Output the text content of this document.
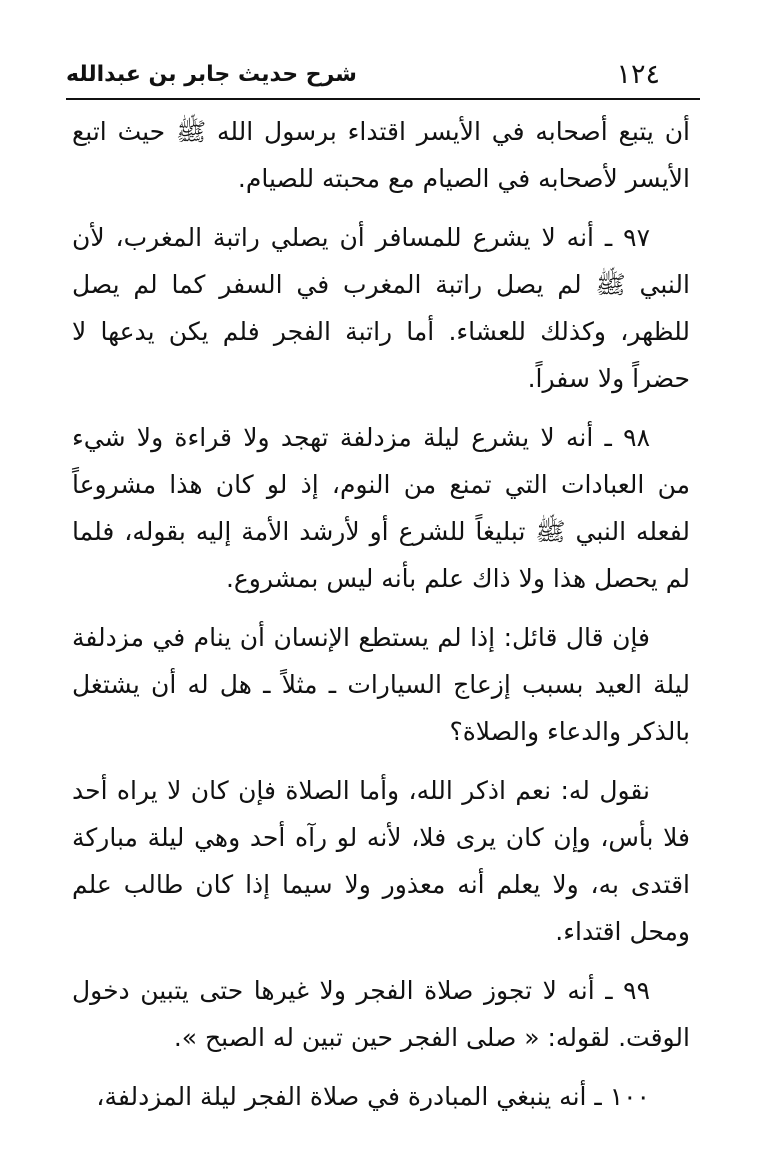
١٢٤
شرح حديث جابر بن عبدالله

أن يتبع أصحابه في الأيسر اقتداء برسول الله ﷺ حيث اتبع الأيسر لأصحابه في الصيام مع محبته للصيام.

٩٧ ـ أنه لا يشرع للمسافر أن يصلي راتبة المغرب، لأن النبي ﷺ لم يصل راتبة المغرب في السفر كما لم يصل للظهر، وكذلك للعشاء. أما راتبة الفجر فلم يكن يدعها لا حضراً ولا سفراً.

٩٨ ـ أنه لا يشرع ليلة مزدلفة تهجد ولا قراءة ولا شيء من العبادات التي تمنع من النوم، إذ لو كان هذا مشروعاً لفعله النبي ﷺ تبليغاً للشرع أو لأرشد الأمة إليه بقوله، فلما لم يحصل هذا ولا ذاك علم بأنه ليس بمشروع.

فإن قال قائل: إذا لم يستطع الإنسان أن ينام في مزدلفة ليلة العيد بسبب إزعاج السيارات ـ مثلاً ـ هل له أن يشتغل بالذكر والدعاء والصلاة؟

نقول له: نعم اذكر الله، وأما الصلاة فإن كان لا يراه أحد فلا بأس، وإن كان يرى فلا، لأنه لو رآه أحد وهي ليلة مباركة اقتدى به، ولا يعلم أنه معذور ولا سيما إذا كان طالب علم ومحل اقتداء.

٩٩ ـ أنه لا تجوز صلاة الفجر ولا غيرها حتى يتبين دخول الوقت. لقوله: « صلى الفجر حين تبين له الصبح ».

١٠٠ ـ أنه ينبغي المبادرة في صلاة الفجر ليلة المزدلفة،
